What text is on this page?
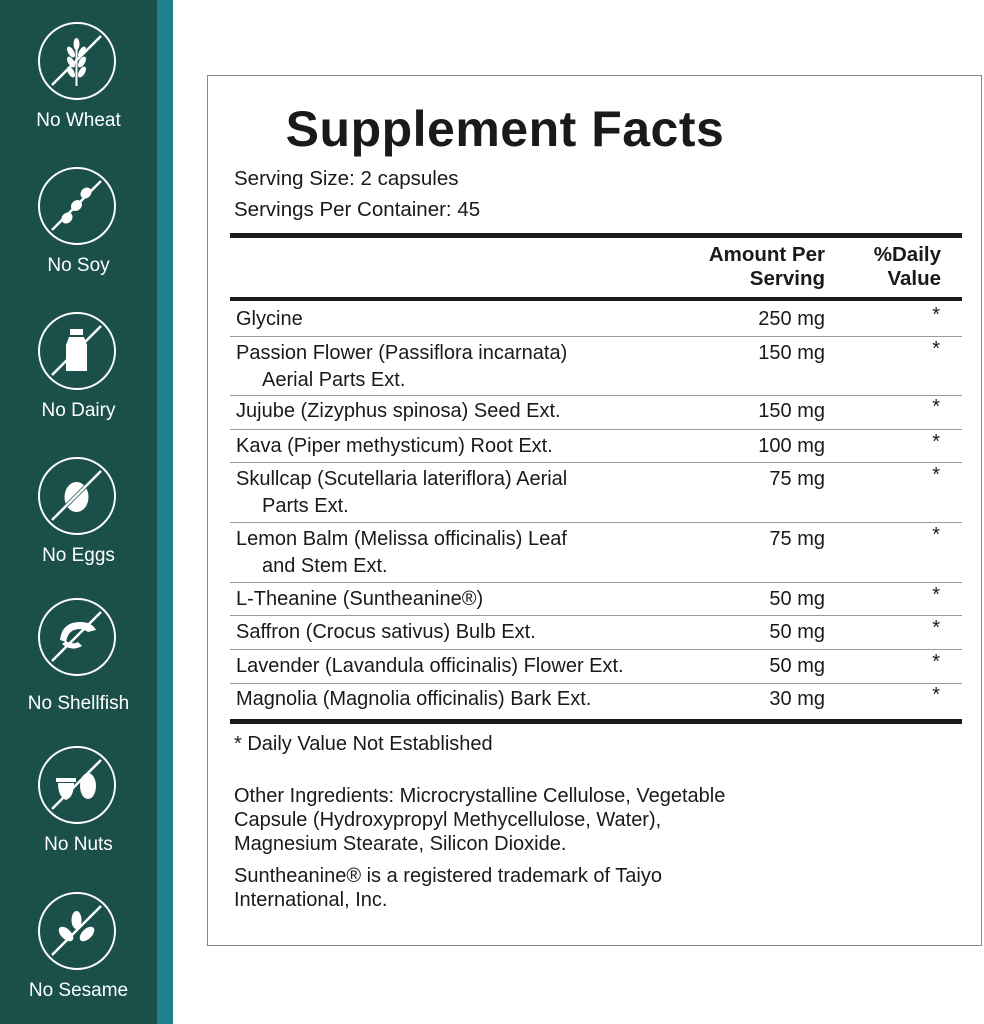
No Wheat
No Soy
No Dairy
No Eggs
No Shellfish
No Nuts
No Sesame
Supplement Facts
Serving Size: 2 capsules
Servings Per Container: 45
Amount Per
Serving
%Daily
Value
Glycine	250 mg	*
Passion Flower (Passiflora incarnata)
Aerial Parts Ext.
150 mg	*
Jujube (Zizyphus spinosa) Seed Ext.	150 mg	*
Kava (Piper methysticum) Root Ext.	100 mg	*
Skullcap (Scutellaria lateriflora) Aerial
Parts Ext.
75 mg	*
Lemon Balm (Melissa officinalis) Leaf
and Stem Ext.
75 mg	*
L-Theanine (Suntheanine®)	50 mg	*
Saffron (Crocus sativus) Bulb Ext.	50 mg	*
Lavender (Lavandula officinalis) Flower Ext.	50 mg	*
Magnolia (Magnolia officinalis) Bark Ext.	30 mg	*
* Daily Value Not Established
Other Ingredients: Microcrystalline Cellulose, Vegetable
Capsule (Hydroxypropyl Methycellulose, Water),
Magnesium Stearate, Silicon Dioxide.
Suntheanine® is a registered trademark of Taiyo
International, Inc.
